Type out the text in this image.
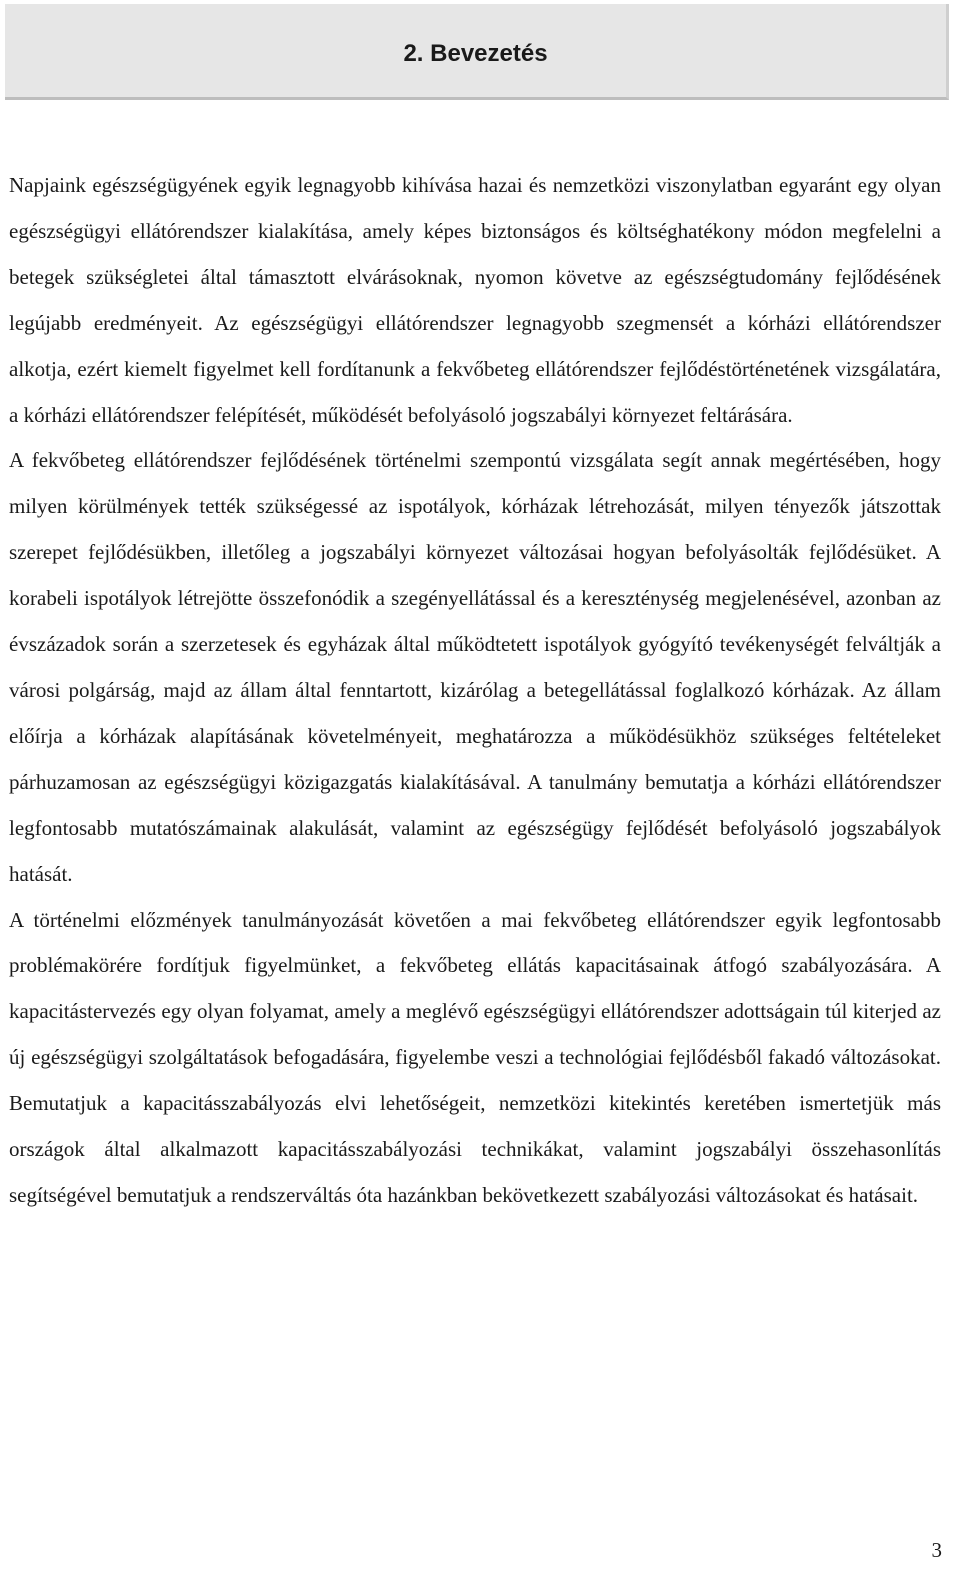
2. Bevezetés

Napjaink egészségügyének egyik legnagyobb kihívása hazai és nemzetközi viszonylatban egyaránt egy olyan egészségügyi ellátórendszer kialakítása, amely képes biztonságos és költséghatékony módon megfelelni a betegek szükségletei által támasztott elvárásoknak, nyomon követve az egészségtudomány fejlődésének legújabb eredményeit. Az egészségügyi ellátórendszer legnagyobb szegmensét a kórházi ellátórendszer alkotja, ezért kiemelt figyelmet kell fordítanunk a fekvőbeteg ellátórendszer fejlődéstörténetének vizsgálatára, a kórházi ellátórendszer felépítését, működését befolyásoló jogszabályi környezet feltárására.

A fekvőbeteg ellátórendszer fejlődésének történelmi szempontú vizsgálata segít annak megértésében, hogy milyen körülmények tették szükségessé az ispotályok, kórházak létrehozását, milyen tényezők játszottak szerepet fejlődésükben, illetőleg a jogszabályi környezet változásai hogyan befolyásolták fejlődésüket. A korabeli ispotályok létrejötte összefonódik a szegényellátással és a kereszténység megjelenésével, azonban az évszázadok során a szerzetesek és egyházak által működtetett ispotályok gyógyító tevékenységét felváltják a városi polgárság, majd az állam által fenntartott, kizárólag a betegellátással foglalkozó kórházak. Az állam előírja a kórházak alapításának követelményeit, meghatározza a működésükhöz szükséges feltételeket párhuzamosan az egészségügyi közigazgatás kialakításával. A tanulmány bemutatja a kórházi ellátórendszer legfontosabb mutatószámainak alakulását, valamint az egészségügy fejlődését befolyásoló jogszabályok hatását.

A történelmi előzmények tanulmányozását követően a mai fekvőbeteg ellátórendszer egyik legfontosabb problémakörére fordítjuk figyelmünket, a fekvőbeteg ellátás kapacitásainak átfogó szabályozására. A kapacitástervezés egy olyan folyamat, amely a meglévő egészségügyi ellátórendszer adottságain túl kiterjed az új egészségügyi szolgáltatások befogadására, figyelembe veszi a technológiai fejlődésből fakadó változásokat. Bemutatjuk a kapacitásszabályozás elvi lehetőségeit, nemzetközi kitekintés keretében ismertetjük más országok által alkalmazott kapacitásszabályozási technikákat, valamint jogszabályi összehasonlítás segítségével bemutatjuk a rendszerváltás óta hazánkban bekövetkezett szabályozási változásokat és hatásait.

3
